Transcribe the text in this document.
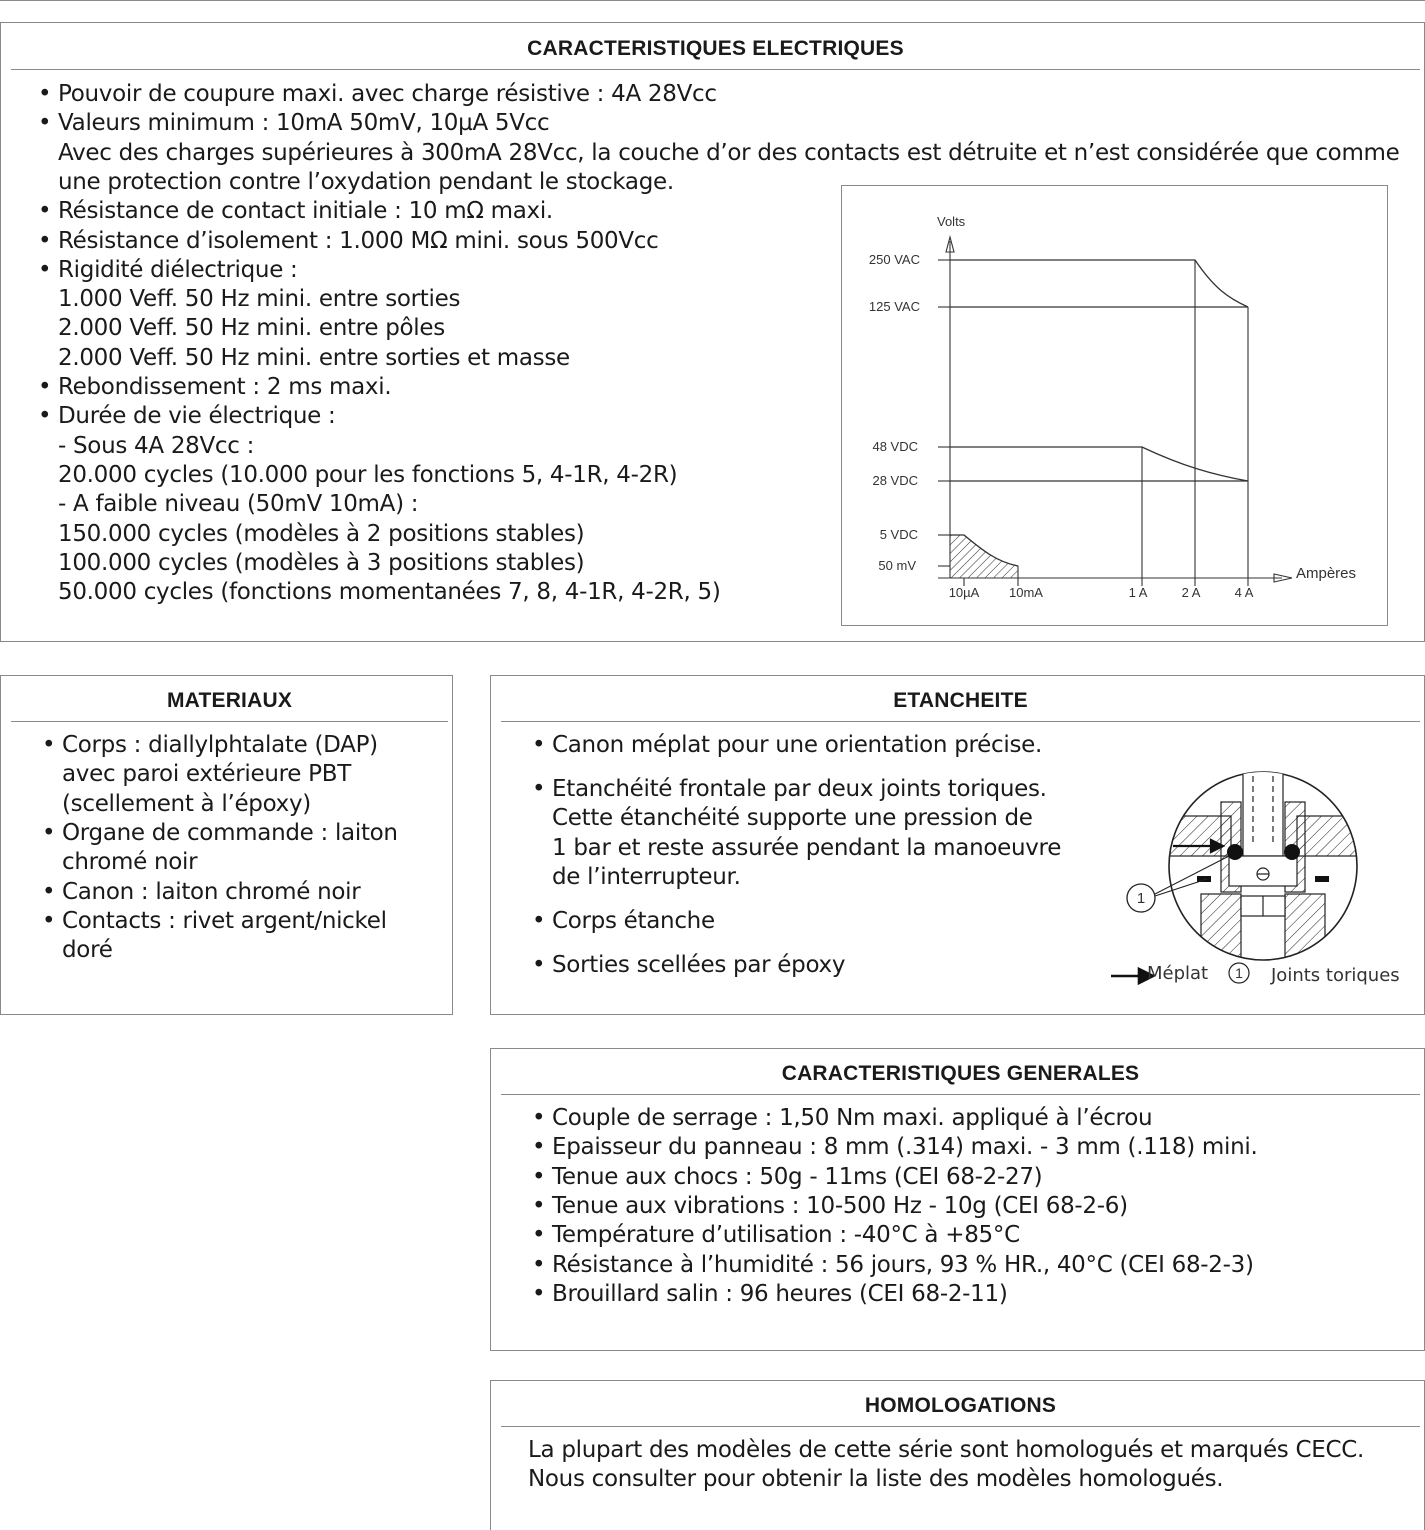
CARACTERISTIQUES ELECTRIQUES
• Pouvoir de coupure maxi. avec charge résistive : 4A 28Vcc
• Valeurs minimum : 10mA 50mV, 10µA 5Vcc
Avec des charges supérieures à 300mA 28Vcc, la couche d’or des contacts est détruite et n’est considérée que comme
une protection contre l’oxydation pendant le stockage.
• Résistance de contact initiale : 10 mΩ maxi.
• Résistance d’isolement : 1.000 MΩ mini. sous 500Vcc
• Rigidité diélectrique :
1.000 Veff. 50 Hz mini. entre sorties
2.000 Veff. 50 Hz mini. entre pôles
2.000 Veff. 50 Hz mini. entre sorties et masse
• Rebondissement : 2 ms maxi.
• Durée de vie électrique :
- Sous 4A 28Vcc :
20.000 cycles (10.000 pour les fonctions 5, 4-1R, 4-2R)
- A faible niveau (50mV 10mA) :
150.000 cycles (modèles à 2 positions stables)
100.000 cycles (modèles à 3 positions stables)
50.000 cycles (fonctions momentanées 7, 8, 4-1R, 4-2R, 5)
Volts
Ampères
250 VAC
125 VAC
48 VDC
28 VDC
5 VDC
50 mV
10µA 10mA	1 A	2 A	4 A
MATERIAUX
• Corps : diallylphtalate (DAP)
avec paroi extérieure PBT
(scellement à l’époxy)
• Organe de commande : laiton
chromé noir
• Canon : laiton chromé noir
• Contacts : rivet argent/nickel
doré
ETANCHEITE
• Canon méplat pour une orientation précise.
• Etanchéité frontale par deux joints toriques.
Cette étanchéité supporte une pression de
1 bar et reste assurée pendant la manoeuvre
de l’interrupteur.
• Corps étanche
• Sorties scellées par époxy
1
Méplat 1 Joints toriques
CARACTERISTIQUES GENERALES
• Couple de serrage : 1,50 Nm maxi. appliqué à l’écrou
• Epaisseur du panneau : 8 mm (.314) maxi. - 3 mm (.118) mini.
• Tenue aux chocs : 50g - 11ms (CEI 68-2-27)
• Tenue aux vibrations : 10-500 Hz - 10g (CEI 68-2-6)
• Température d’utilisation : -40°C à +85°C
• Résistance à l’humidité : 56 jours, 93 % HR., 40°C (CEI 68-2-3)
• Brouillard salin : 96 heures (CEI 68-2-11)
HOMOLOGATIONS
La plupart des modèles de cette série sont homologués et marqués CECC.
Nous consulter pour obtenir la liste des modèles homologués.
